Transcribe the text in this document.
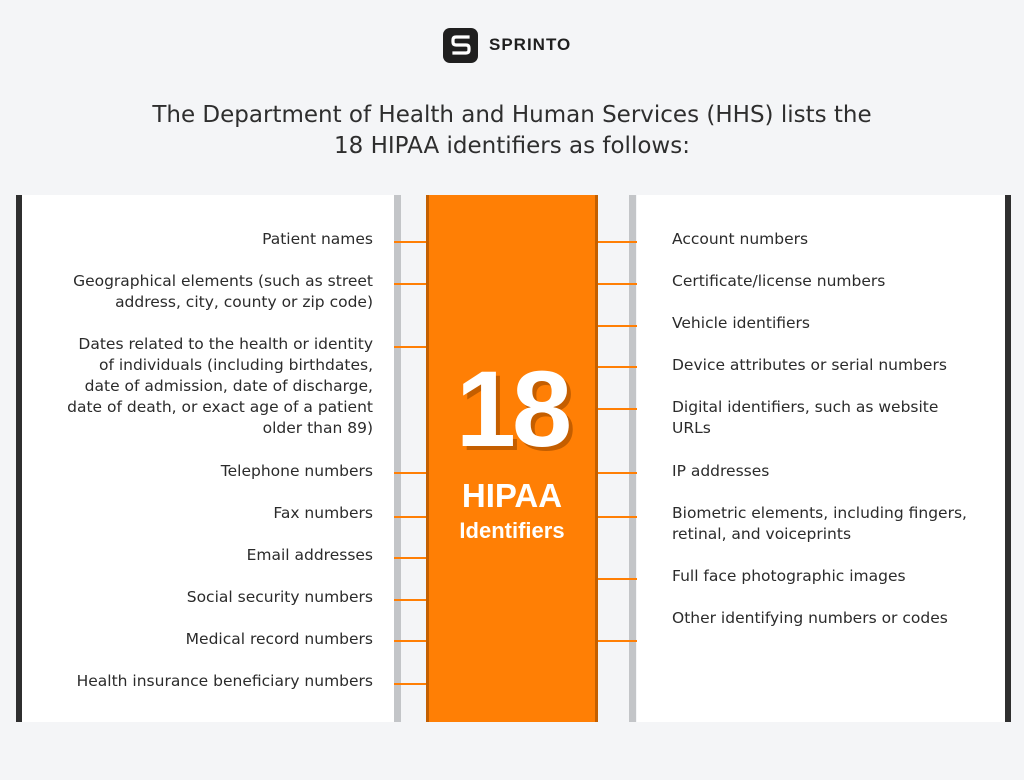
SPRINTO
The Department of Health and Human Services (HHS) lists the
18 HIPAA identifiers as follows:
18
HIPAA
Identifiers
Patient names
Geographical elements (such as street
address, city, county or zip code)
Dates related to the health or identity
of individuals (including birthdates,
date of admission, date of discharge,
date of death, or exact age of a patient
older than 89)
Telephone numbers
Fax numbers
Email addresses
Social security numbers
Medical record numbers
Health insurance beneficiary numbers
Account numbers
Certificate/license numbers
Vehicle identifiers
Device attributes or serial numbers
Digital identifiers, such as website
URLs
IP addresses
Biometric elements, including fingers,
retinal, and voiceprints
Full face photographic images
Other identifying numbers or codes
